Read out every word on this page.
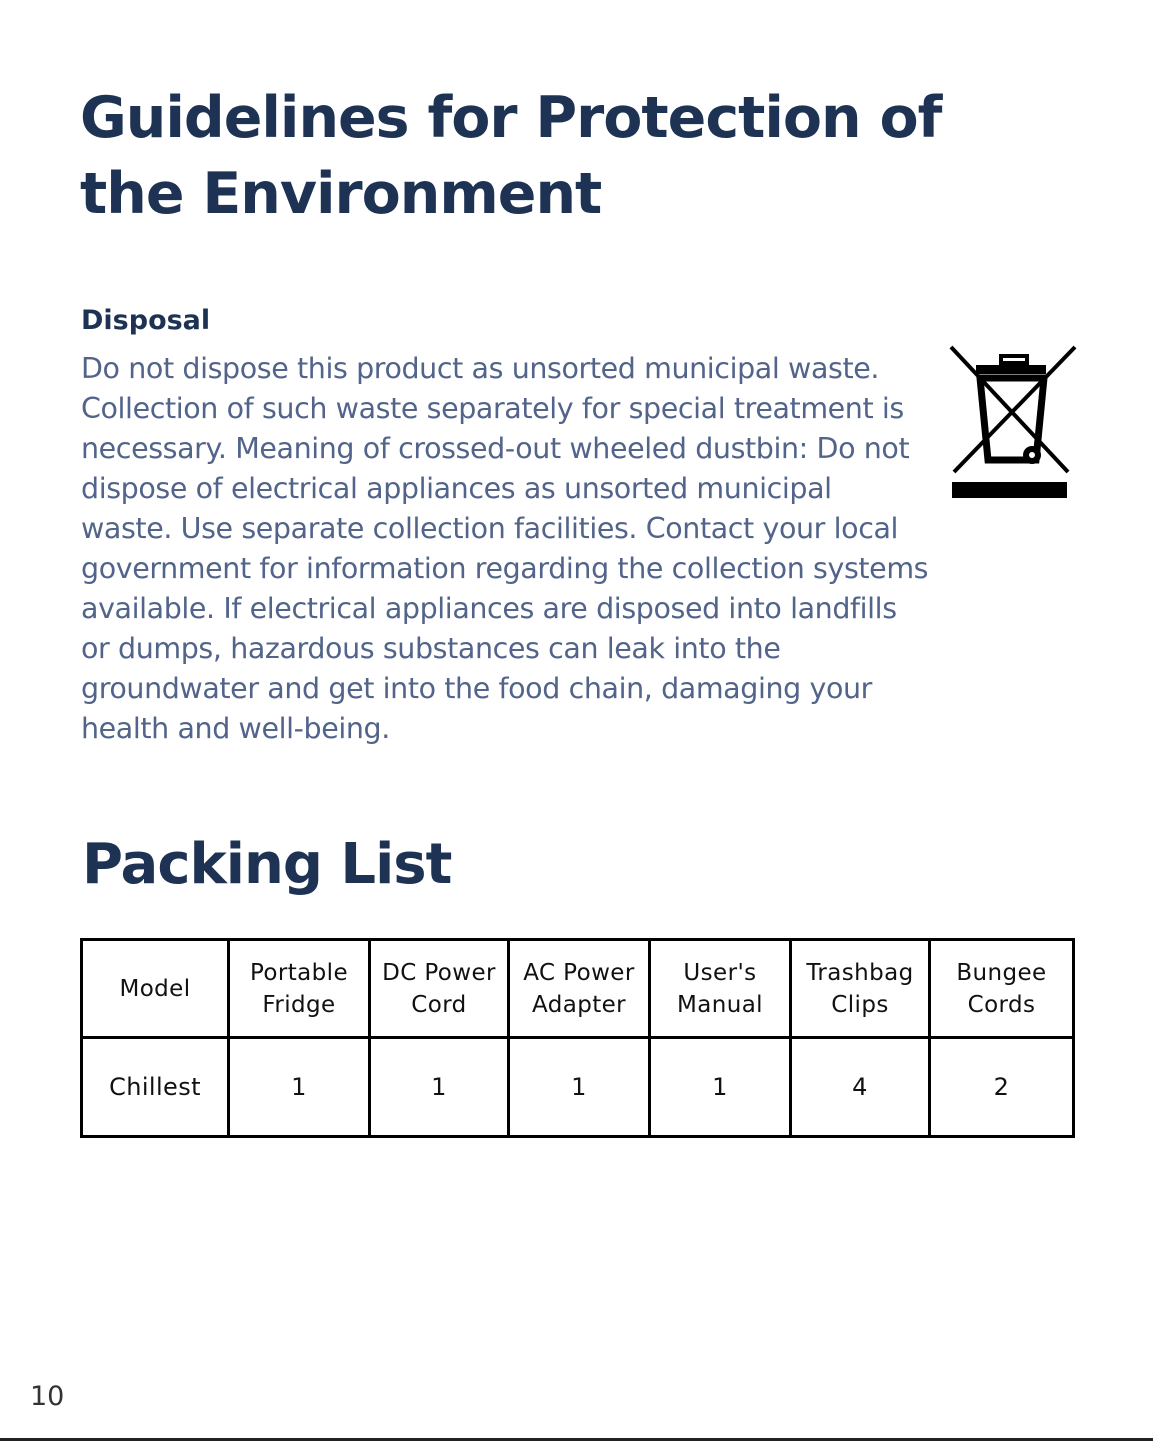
Guidelines for Protection of the Environment
Disposal

Do not dispose this product as unsorted municipal waste. Collection of such waste separately for special treatment is necessary. Meaning of crossed-out wheeled dustbin: Do not dispose of electrical appliances as unsorted municipal waste. Use separate collection facilities. Contact your local government for information regarding the collection systems available. If electrical appliances are disposed into landfills or dumps, hazardous substances can leak into the groundwater and get into the food chain, damaging your health and well-being.

Packing List
Model	Portable Fridge	DC Power Cord	AC Power Adapter	User's Manual	Trashbag Clips	Bungee Cords
Chillest	1	1	1	1	4	2
10
